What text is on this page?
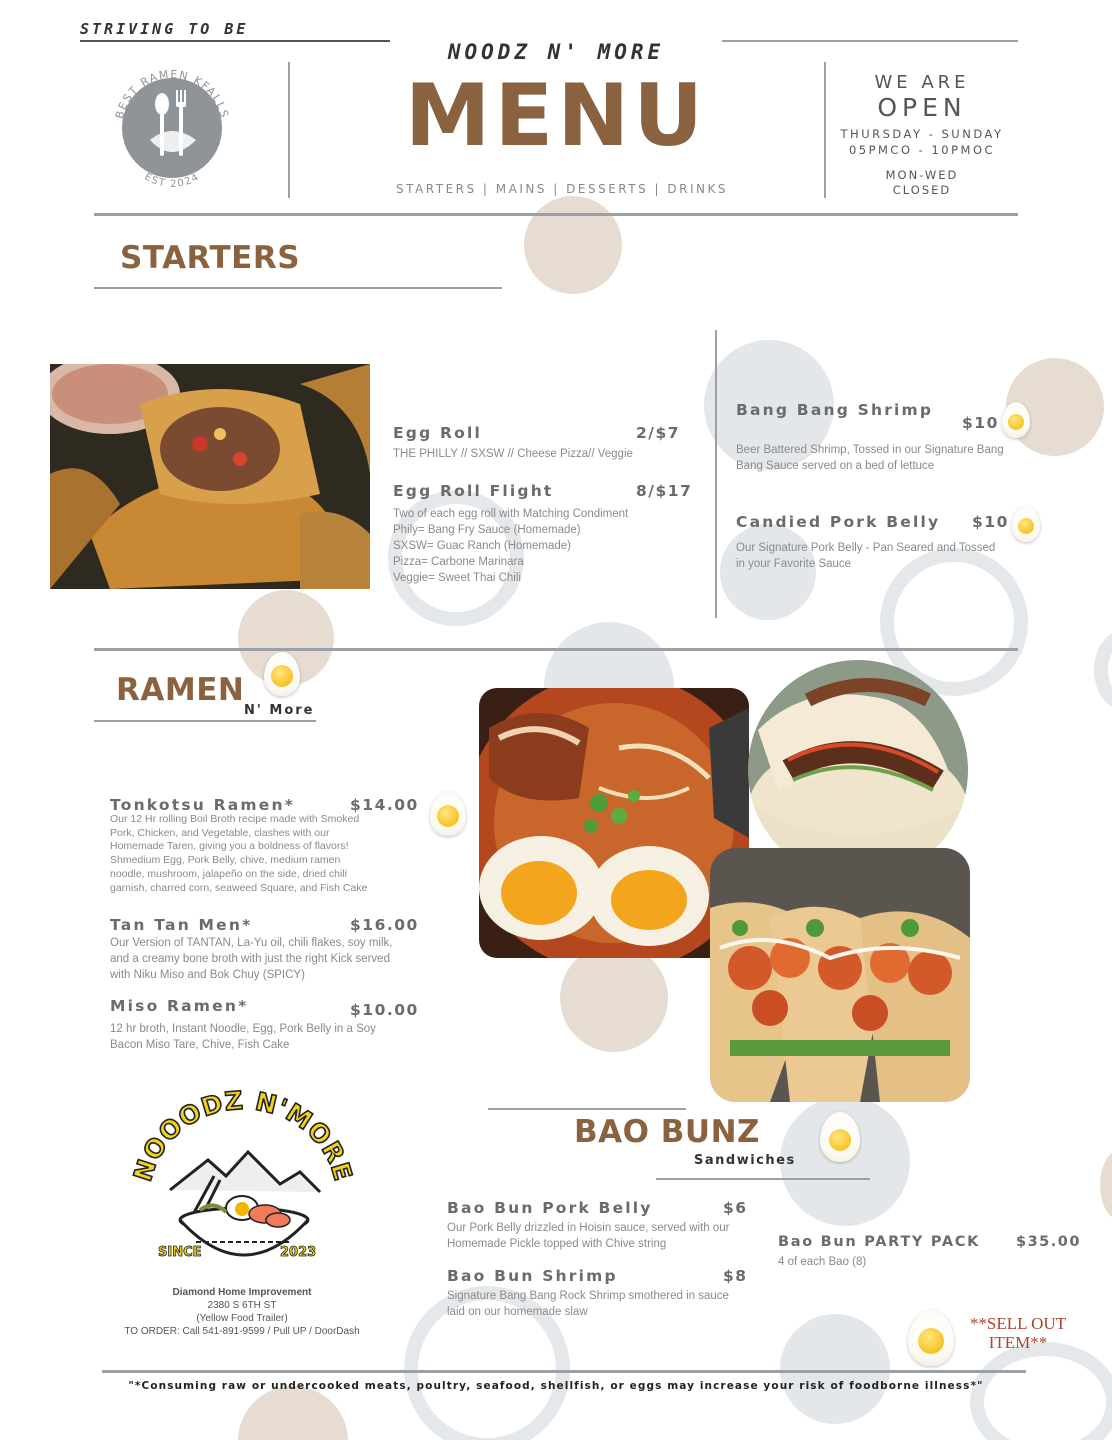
STRIVING TO BE
BEST RAMEN KFALLS
EST 2024
NOODZ N' MORE
MENU
STARTERS | MAINS | DESSERTS | DRINKS
WE ARE
OPEN
THURSDAY - SUNDAY
05PMCO - 10PMOC
MON-WED
CLOSED
STARTERS
Egg Roll	2/$7
THE PHILLY // SXSW // Cheese Pizza// Veggie
Egg Roll Flight	8/$17
Two of each egg roll with Matching Condiment
Phily= Bang Fry Sauce (Homemade)
SXSW= Guac Ranch (Homemade)
Pizza= Carbone Marinara
Veggie= Sweet Thai Chili
Bang Bang Shrimp
$10
Beer Battered Shrimp, Tossed in our Signature Bang Bang Sauce served on a bed of lettuce
Candied Pork Belly $10
Our Signature Pork Belly - Pan Seared and Tossed in your Favorite Sauce
RAMEN
N' More
Tonkotsu Ramen*	$14.00
Our 12 Hr rolling Boil Broth recipe made with Smoked Pork, Chicken, and Vegetable, clashes with our Homemade Taren, giving you a boldness of flavors! Shmedium Egg, Pork Belly, chive, medium ramen noodle, mushroom, jalapeño on the side, dried chili garnish, charred corn, seaweed Square, and Fish Cake
Tan Tan Men*	$16.00
Our Version of TANTAN, La-Yu oil, chili flakes, soy milk, and a creamy bone broth with just the right Kick served with Niku Miso and Bok Chuy (SPICY)
Miso Ramen*	$10.00
12 hr broth, Instant Noodle, Egg, Pork Belly in a Soy Bacon Miso Tare, Chive, Fish Cake
BAO BUNZ
Sandwiches
Bao Bun Pork Belly	$6
Our Pork Belly drizzled in Hoisin sauce, served with our Homemade Pickle topped with Chive string
Bao Bun Shrimp	$8
Signature Bang Bang Rock Shrimp smothered in sauce laid on our homemade slaw
Bao Bun PARTY PACK $35.00
4 of each Bao (8)
NOOODZ N'MORE
SINCE	2023
Diamond Home Improvement
2380 S 6TH ST
(Yellow Food Trailer)
TO ORDER: Call 541-891-9599 / Pull UP / DoorDash	**SELL OUT
ITEM**
"*Consuming raw or undercooked meats, poultry, seafood, shellfish, or eggs may increase your risk of foodborne illness*"
